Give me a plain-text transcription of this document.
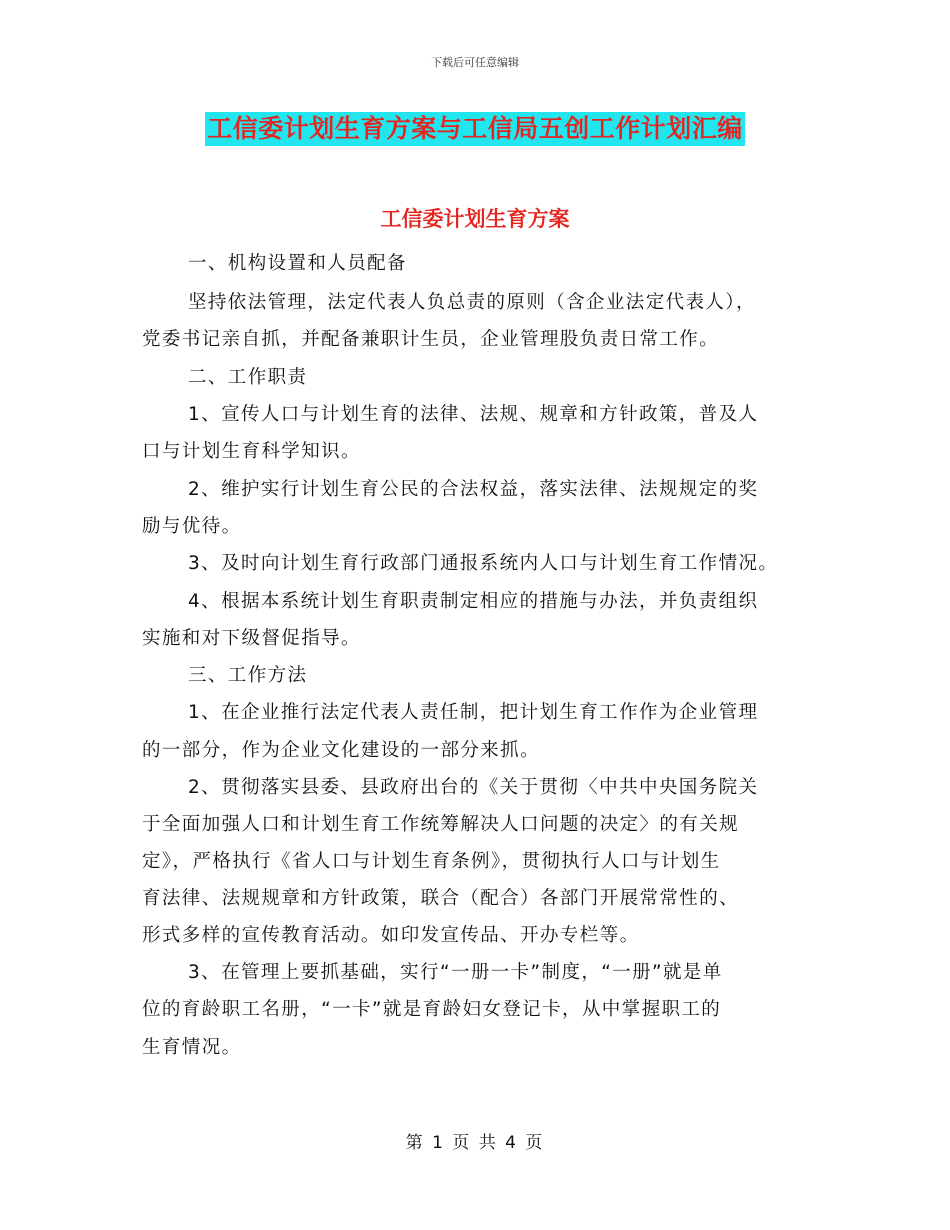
下载后可任意编辑
工信委计划生育方案与工信局五创工作计划汇编
工信委计划生育方案
一、机构设置和人员配备
坚持依法管理，法定代表人负总责的原则（含企业法定代表人），
党委书记亲自抓，并配备兼职计生员，企业管理股负责日常工作。
二、工作职责
1、宣传人口与计划生育的法律、法规、规章和方针政策，普及人
口与计划生育科学知识。
2、维护实行计划生育公民的合法权益，落实法律、法规规定的奖
励与优待。
3、及时向计划生育行政部门通报系统内人口与计划生育工作情况。
4、根据本系统计划生育职责制定相应的措施与办法，并负责组织
实施和对下级督促指导。
三、工作方法
1、在企业推行法定代表人责任制，把计划生育工作作为企业管理
的一部分，作为企业文化建设的一部分来抓。
2、贯彻落实县委、县政府出台的《关于贯彻〈中共中央国务院关
于全面加强人口和计划生育工作统筹解决人口问题的决定〉的有关规
定》，严格执行《省人口与计划生育条例》，贯彻执行人口与计划生
育法律、法规规章和方针政策，联合（配合）各部门开展常常性的、
形式多样的宣传教育活动。如印发宣传品、开办专栏等。
3、在管理上要抓基础，实行“一册一卡”制度，“一册”就是单
位的育龄职工名册，“一卡”就是育龄妇女登记卡，从中掌握职工的
生育情况。
第 1 页 共 4 页
